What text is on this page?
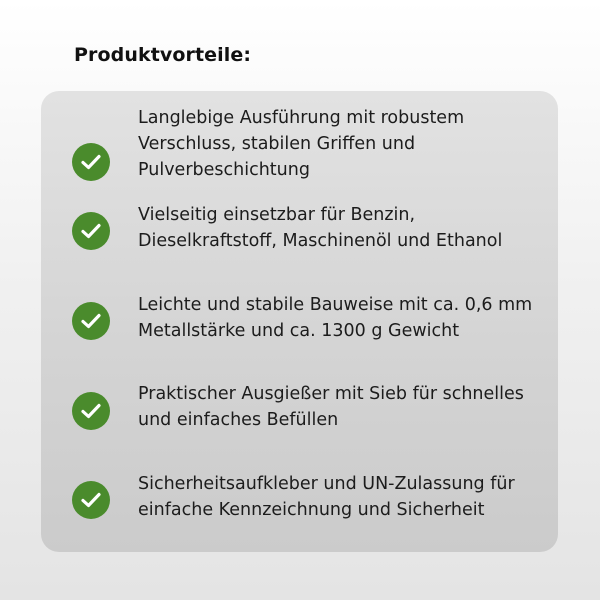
Produktvorteile:
Langlebige Ausführung mit robustem
Verschluss, stabilen Griffen und
Pulverbeschichtung
Vielseitig einsetzbar für Benzin,
Dieselkraftstoff, Maschinenöl und Ethanol
Leichte und stabile Bauweise mit ca. 0,6 mm
Metallstärke und ca. 1300 g Gewicht
Praktischer Ausgießer mit Sieb für schnelles
und einfaches Befüllen
Sicherheitsaufkleber und UN-Zulassung für
einfache Kennzeichnung und Sicherheit
